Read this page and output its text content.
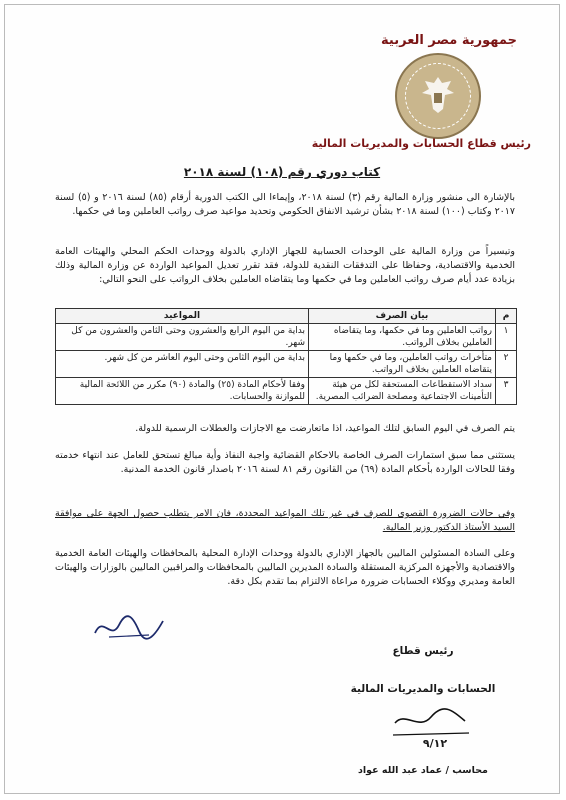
جمهورية مصر العربية
رئيس قطاع الحسابات والمديريات المالية
كتاب دوري رقم (١٠٨) لسنة ٢٠١٨
بالإشارة الى منشور وزارة المالية رقم (٣) لسنة ٢٠١٨، وإيماءا الى الكتب الدورية أرقام (٨٥) لسنة ٢٠١٦ و (٥) لسنة ٢٠١٧ وكتاب (١٠٠) لسنة ٢٠١٨ بشأن ترشيد الانفاق الحكومي وتحديد مواعيد صرف رواتب العاملين وما في حكمها.
وتيسيراً من وزارة المالية على الوحدات الحسابية للجهاز الإداري بالدولة ووحدات الحكم المحلي والهيئات العامة الخدمية والاقتصادية، وحفاظا على التدفقات النقدية للدولة، فقد تقرر تعديل المواعيد الواردة عن وزارة المالية وذلك بزيادة عدد أيام صرف رواتب العاملين وما في حكمها وما يتقاضاه العاملين بخلاف الرواتب على النحو التالي:
م	بيان الصرف	المواعيد
١	رواتب العاملين وما في حكمها، وما يتقاضاه العاملين بخلاف الرواتب.	بداية من اليوم الرابع والعشرون وحتى الثامن والعشرون من كل شهر.
٢	متأخرات رواتب العاملين، وما في حكمها وما يتقاضاه العاملين بخلاف الرواتب.	بداية من اليوم الثامن وحتى اليوم العاشر من كل شهر.
٣	سداد الاستقطاعات المستحقة لكل من هيئة التأمينات الاجتماعية ومصلحة الضرائب المصرية.	وفقا لأحكام المادة (٢٥) والمادة (٩٠) مكرر من اللائحة المالية للموازنة والحسابات.
يتم الصرف في اليوم السابق لتلك المواعيد، اذا ماتعارضت مع الاجازات والعطلات الرسمية للدولة.
يستثنى مما سبق استمارات الصرف الخاصة بالاحكام القضائية واجبة النفاذ وأية مبالغ تستحق للعامل عند انتهاء خدمته وفقا للحالات الواردة بأحكام المادة (٦٩) من القانون رقم ٨١ لسنة ٢٠١٦ باصدار قانون الخدمة المدنية.
وفي حالات الضرورة القصوى للصرف في غير تلك المواعيد المحددة، فان الامر يتطلب حصول الجهة على موافقة السيد الأستاذ الدكتور وزير المالية.
وعلى السادة المسئولين الماليين بالجهاز الإداري بالدولة ووحدات الإدارة المحلية بالمحافظات والهيئات العامة الخدمية والاقتصادية والأجهزة المركزية المستقلة والسادة المديرين الماليين بالمحافظات والمراقبين الماليين بالوزارات والهيئات العامة ومديري ووكلاء الحسابات ضرورة مراعاة الالتزام بما تقدم بكل دقة.
رئيس قطاع
الحسابات والمديريات المالية
٩/١٢
محاسب / عماد عبد الله عواد
